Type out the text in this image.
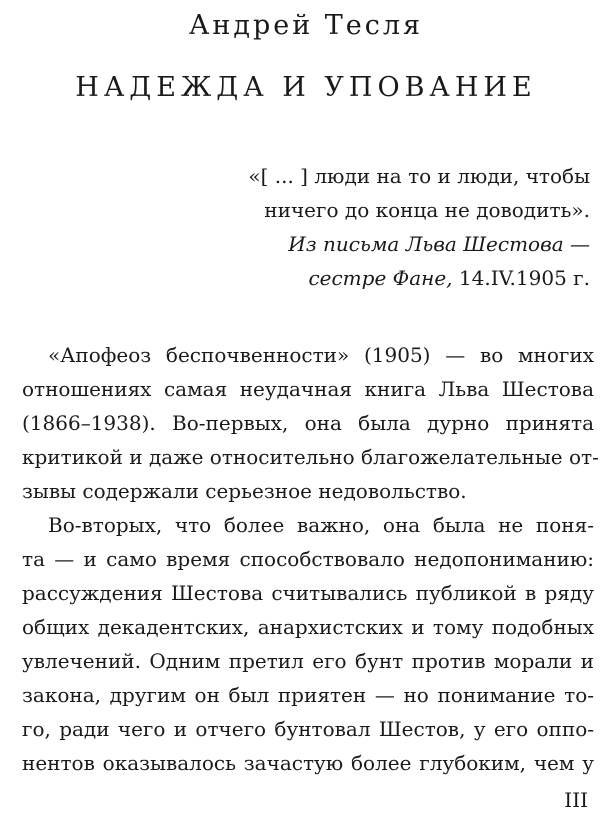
Андрей Тесля
НАДЕЖДА И УПОВАНИЕ
«[ ... ] люди на то и люди, чтобы
ничего до конца не доводить».
Из письма Льва Шестова —
сестре Фане, 14.IV.1905 г.
«Апофеоз беспочвенности» (1905) — во многих
отношениях самая неудачная книга Льва Шестова
(1866–1938). Во-первых, она была дурно принята
критикой и даже относительно благожелательные от-
зывы содержали серьезное недовольство.
Во-вторых, что более важно, она была не поня-
та — и само время способствовало недопониманию:
рассуждения Шестова считывались публикой в ряду
общих декадентских, анархистских и тому подобных
увлечений. Одним претил его бунт против морали и
закона, другим он был приятен — но понимание то-
го, ради чего и отчего бунтовал Шестов, у его оппо-
нентов оказывалось зачастую более глубоким, чем у
III
